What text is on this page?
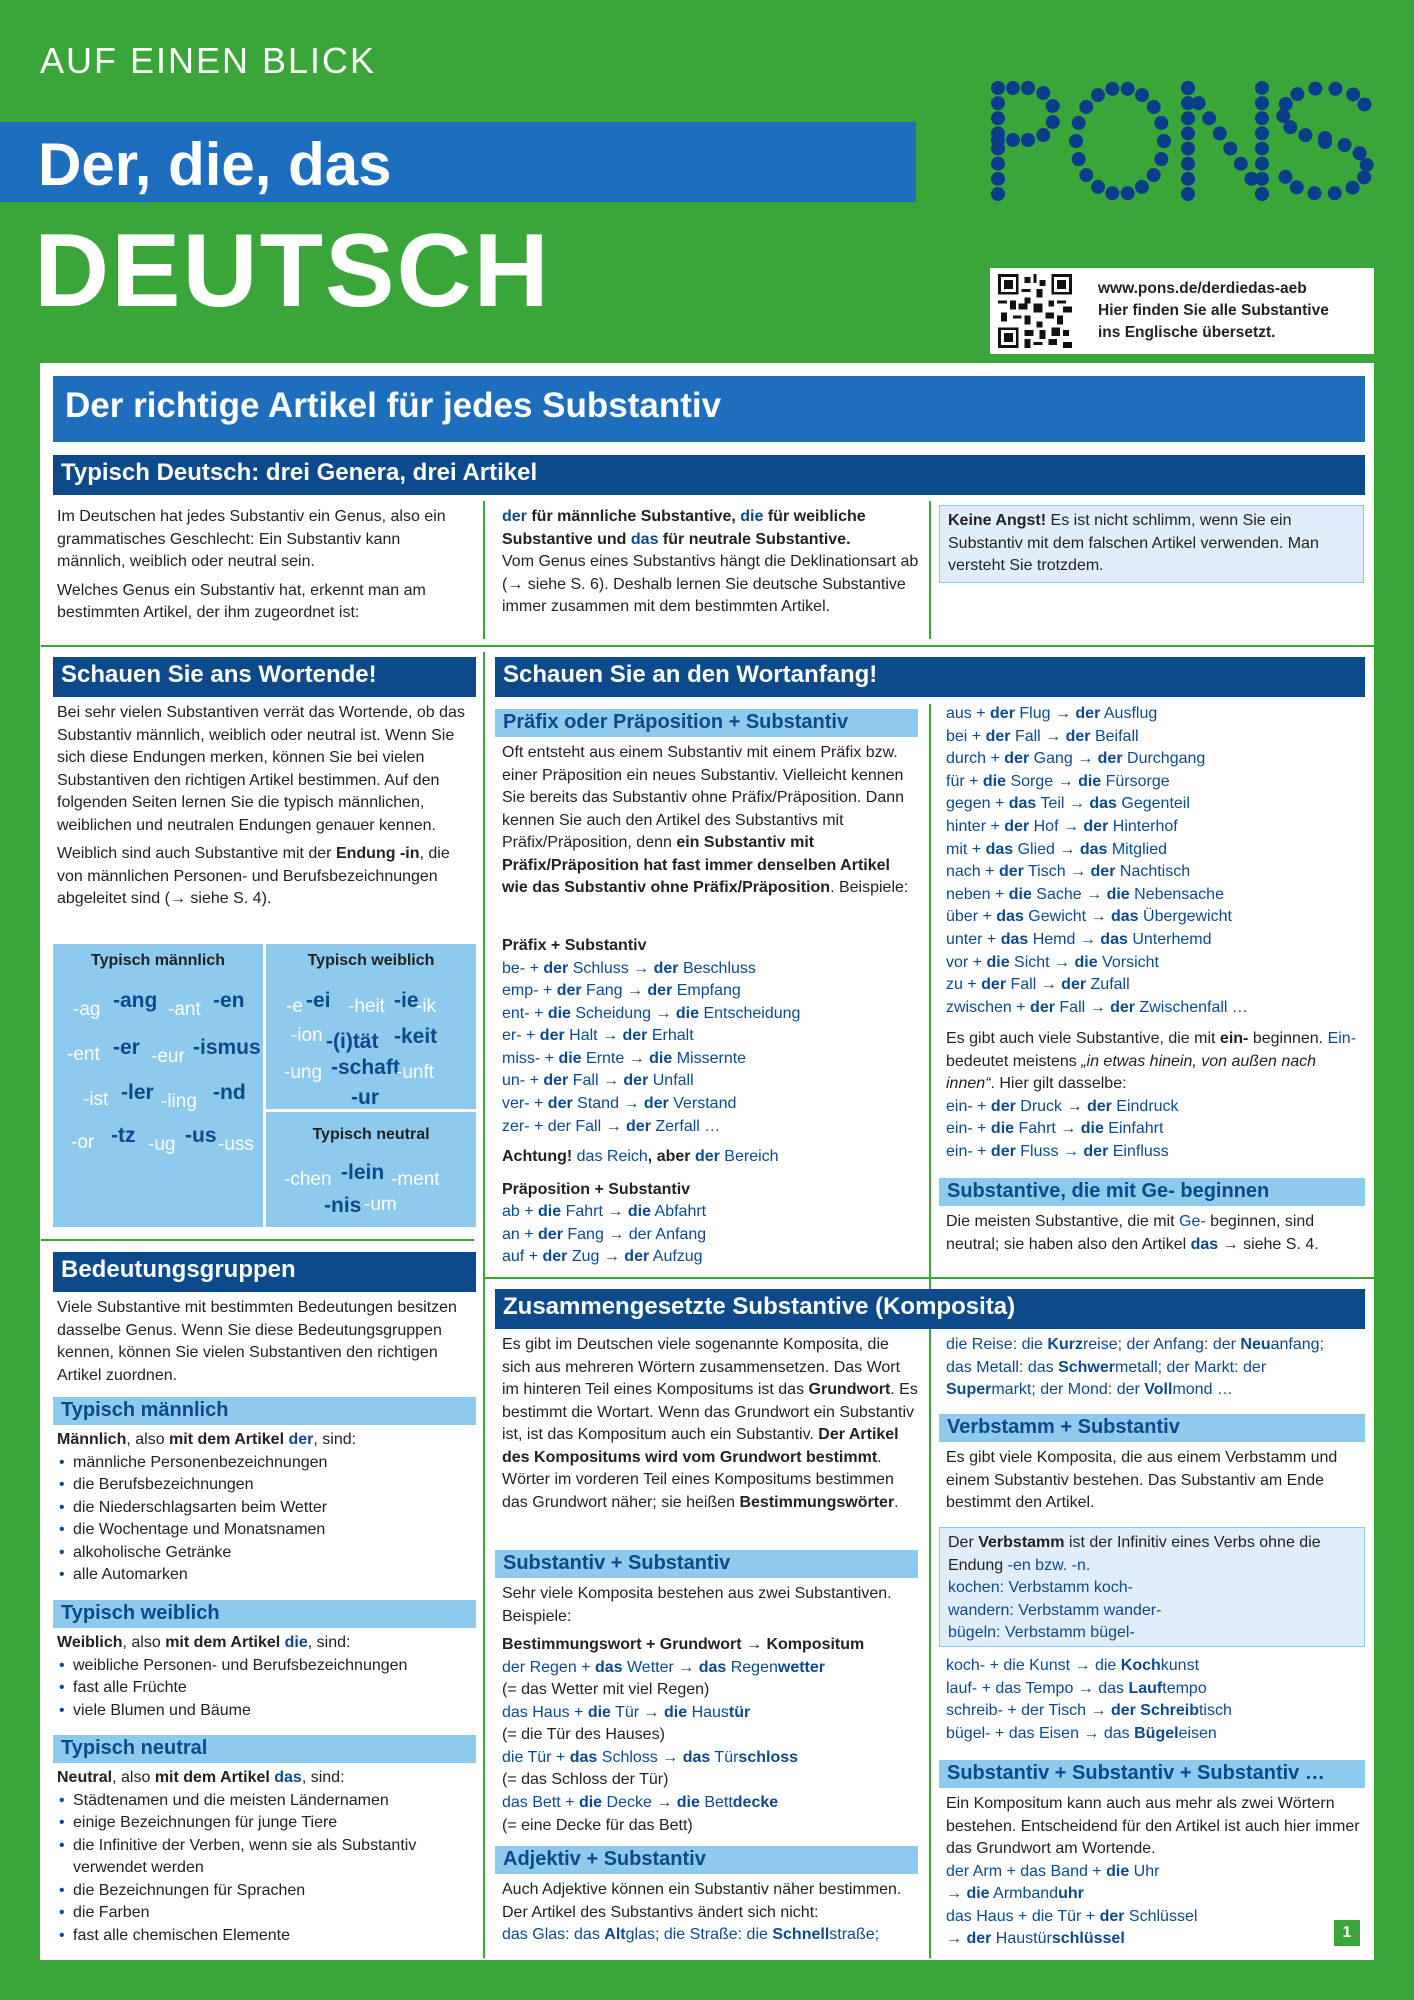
AUF EINEN BLICK
Der, die, das
DEUTSCH	www.pons.de/derdiedas-aeb
Hier finden Sie alle Substantive
ins Englische übersetzt.
Der richtige Artikel für jedes Substantiv
Typisch Deutsch: drei Genera, drei Artikel

Im Deutschen hat jedes Substantiv ein Genus, also ein grammatisches Geschlecht: Ein Substantiv kann männlich, weiblich oder neutral sein.

Welches Genus ein Substantiv hat, erkennt man am bestimmten Artikel, der ihm zugeordnet ist:

der für männliche Substantive, die für weibliche Substantive und das für neutrale Substantive.
Vom Genus eines Substantivs hängt die Deklinationsart ab (→ siehe S. 6). Deshalb lernen Sie deutsche Substantive immer zusammen mit dem bestimmten Artikel.
Keine Angst! Es ist nicht schlimm, wenn Sie ein Substantiv mit dem falschen Artikel verwenden. Man versteht Sie trotzdem.
Schauen Sie ans Wortende!

Bei sehr vielen Substantiven verrät das Wortende, ob das Substantiv männlich, weiblich oder neutral ist. Wenn Sie sich diese Endungen merken, können Sie bei vielen Substantiven den richtigen Artikel bestimmen. Auf den folgenden Seiten lernen Sie die typisch männlichen, weiblichen und neutralen Endungen genauer kennen.

Weiblich sind auch Substantive mit der Endung -in, die von männlichen Personen- und Berufsbezeichnungen abgeleitet sind (→ siehe S. 4).

Typisch männlich	Typisch weiblich
Typisch neutral
-ag -ang -ant -en
-ent -er -eur -ismus
-ist -ler -ling -nd
-or -tz -ug -us -uss
-e -ei -heit -ie
-ik
-ion -(i)tät -keit
-ung -schaft
-unft
-ur
-chen -lein -ment
-nis -um
Bedeutungsgruppen
Viele Substantive mit bestimmten Bedeutungen besitzen dasselbe Genus. Wenn Sie diese Bedeutungsgruppen kennen, können Sie vielen Substantiven den richtigen Artikel zuordnen.
Typisch männlich
Männlich, also mit dem Artikel der, sind:
• männliche Personenbezeichnungen
• die Berufsbezeichnungen
• die Niederschlagsarten beim Wetter
• die Wochentage und Monatsnamen
• alkoholische Getränke
• alle Automarken
Typisch weiblich
Weiblich, also mit dem Artikel die, sind:
• weibliche Personen- und Berufsbezeichnungen
• fast alle Früchte
• viele Blumen und Bäume
Typisch neutral
Neutral, also mit dem Artikel das, sind:
• Städtenamen und die meisten Ländernamen
• einige Bezeichnungen für junge Tiere
• die Infinitive der Verben, wenn sie als Substantiv verwendet werden
• die Bezeichnungen für Sprachen
• die Farben
• fast alle chemischen Elemente
Schauen Sie an den Wortanfang!
Präfix oder Präposition + Substantiv
Oft entsteht aus einem Substantiv mit einem Präfix bzw. einer Präposition ein neues Substantiv. Vielleicht kennen Sie bereits das Substantiv ohne Präfix/Präposition. Dann kennen Sie auch den Artikel des Substantivs mit Präfix/Präposition, denn ein Substantiv mit Präfix/Präposition hat fast immer denselben Artikel wie das Substantiv ohne Präfix/Präposition. Beispiele:
Präfix + Substantiv
be- + der Schluss → der Beschluss
emp- + der Fang → der Empfang
ent- + die Scheidung → die Entscheidung
er- + der Halt → der Erhalt
miss- + die Ernte → die Missernte
un- + der Fall → der Unfall
ver- + der Stand → der Verstand
zer- + der Fall → der Zerfall …
Achtung! das Reich, aber der Bereich
Präposition + Substantiv
ab + die Fahrt → die Abfahrt
an + der Fang → der Anfang
auf + der Zug → der Aufzug
aus + der Flug → der Ausflug
bei + der Fall → der Beifall
durch + der Gang → der Durchgang
für + die Sorge → die Fürsorge
gegen + das Teil → das Gegenteil
hinter + der Hof → der Hinterhof
mit + das Glied → das Mitglied
nach + der Tisch → der Nachtisch
neben + die Sache → die Nebensache
über + das Gewicht → das Übergewicht
unter + das Hemd → das Unterhemd
vor + die Sicht → die Vorsicht
zu + der Fall → der Zufall
zwischen + der Fall → der Zwischenfall …
Es gibt auch viele Substantive, die mit ein- beginnen. Ein- bedeutet meistens „in etwas hinein, von außen nach innen“. Hier gilt dasselbe:
ein- + der Druck → der Eindruck
ein- + die Fahrt → die Einfahrt
ein- + der Fluss → der Einfluss
Substantive, die mit Ge- beginnen
Die meisten Substantive, die mit Ge- beginnen, sind neutral; sie haben also den Artikel das → siehe S. 4.
Zusammengesetzte Substantive (Komposita)
Es gibt im Deutschen viele sogenannte Komposita, die sich aus mehreren Wörtern zusammensetzen. Das Wort im hinteren Teil eines Kompositums ist das Grundwort. Es bestimmt die Wortart. Wenn das Grundwort ein Substantiv ist, ist das Kompositum auch ein Substantiv. Der Artikel des Kompositums wird vom Grundwort bestimmt. Wörter im vorderen Teil eines Kompositums bestimmen das Grundwort näher; sie heißen Bestimmungswörter.
Substantiv + Substantiv
Sehr viele Komposita bestehen aus zwei Substantiven. Beispiele:
Bestimmungswort + Grundwort → Kompositum
der Regen + das Wetter → das Regenwetter
(= das Wetter mit viel Regen)
das Haus + die Tür → die Haustür
(= die Tür des Hauses)
die Tür + das Schloss → das Türschloss
(= das Schloss der Tür)
das Bett + die Decke → die Bettdecke
(= eine Decke für das Bett)
Adjektiv + Substantiv
Auch Adjektive können ein Substantiv näher bestimmen. Der Artikel des Substantivs ändert sich nicht:
das Glas: das Altglas; die Straße: die Schnellstraße;
die Reise: die Kurzreise; der Anfang: der Neuanfang;
das Metall: das Schwermetall; der Markt: der
Supermarkt; der Mond: der Vollmond …
Verbstamm + Substantiv
Es gibt viele Komposita, die aus einem Verbstamm und einem Substantiv bestehen. Das Substantiv am Ende bestimmt den Artikel.
Der Verbstamm ist der Infinitiv eines Verbs ohne die Endung -en bzw. -n.
kochen: Verbstamm koch-
wandern: Verbstamm wander-
bügeln: Verbstamm bügel-
koch- + die Kunst → die Kochkunst
lauf- + das Tempo → das Lauftempo
schreib- + der Tisch → der Schreibtisch
bügel- + das Eisen → das Bügeleisen
Substantiv + Substantiv + Substantiv …
Ein Kompositum kann auch aus mehr als zwei Wörtern bestehen. Entscheidend für den Artikel ist auch hier immer das Grundwort am Wortende.
der Arm + das Band + die Uhr
→ die Armbanduhr
das Haus + die Tür + der Schlüssel
→ der Haustürschlüssel	1
